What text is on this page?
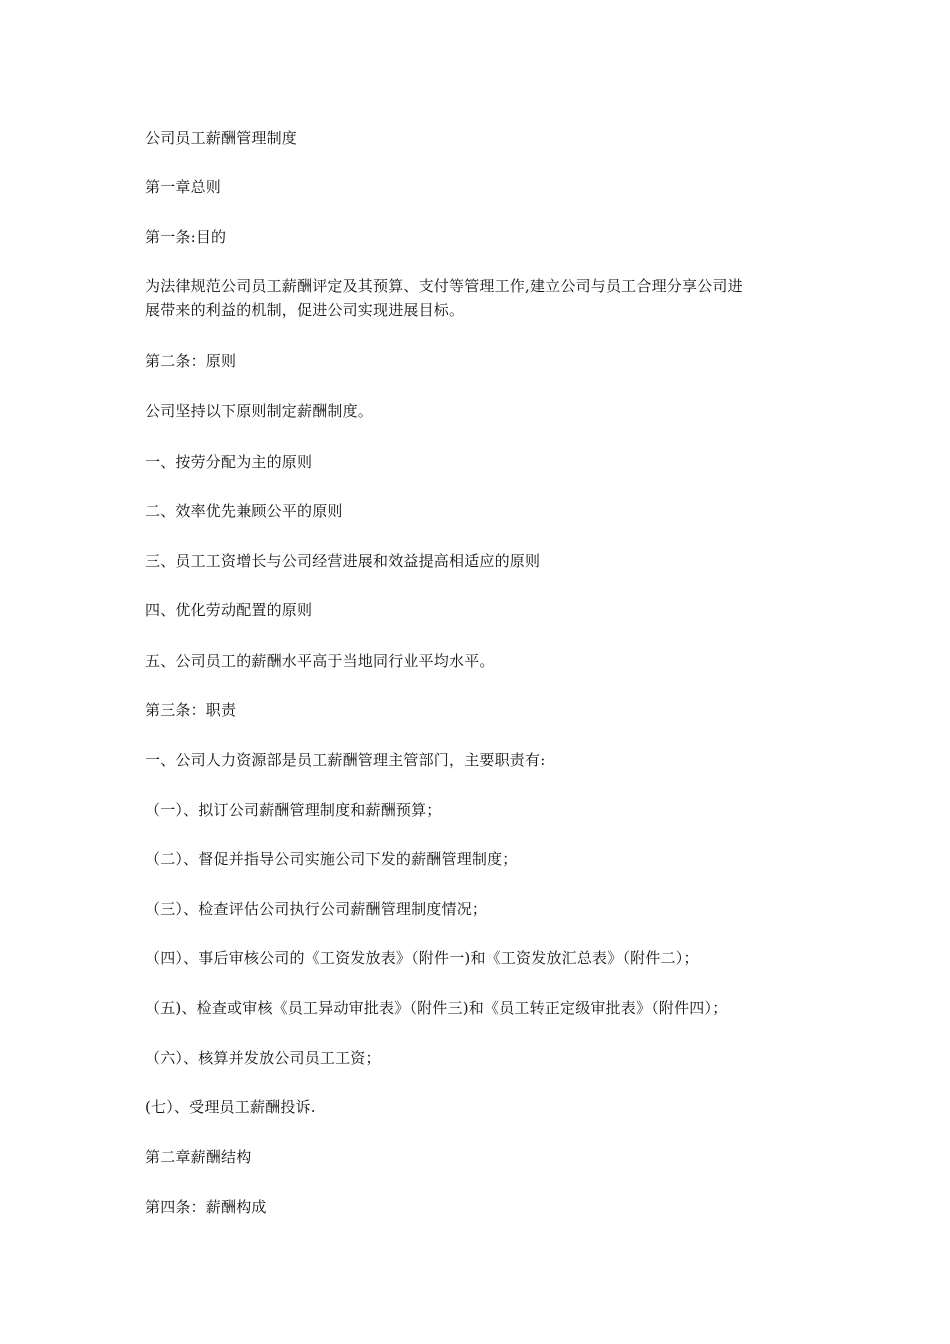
公司员工薪酬管理制度
第一章总则
第一条:目的
为法律规范公司员工薪酬评定及其预算、支付等管理工作,建立公司与员工合理分享公司进
展带来的利益的机制，促进公司实现进展目标。
第二条：原则
公司坚持以下原则制定薪酬制度。
一、按劳分配为主的原则
二、效率优先兼顾公平的原则
三、员工工资增长与公司经营进展和效益提高相适应的原则
四、优化劳动配置的原则
五、公司员工的薪酬水平高于当地同行业平均水平。
第三条：职责
一、公司人力资源部是员工薪酬管理主管部门，主要职责有:
（一）、拟订公司薪酬管理制度和薪酬预算；
（二）、督促并指导公司实施公司下发的薪酬管理制度；
（三）、检查评估公司执行公司薪酬管理制度情况；
（四）、事后审核公司的《工资发放表》（附件一)和《工资发放汇总表》（附件二）；
（五)、检查或审核《员工异动审批表》（附件三)和《员工转正定级审批表》（附件四）；
（六）、核算并发放公司员工工资；
(七）、受理员工薪酬投诉.
第二章薪酬结构
第四条：薪酬构成
